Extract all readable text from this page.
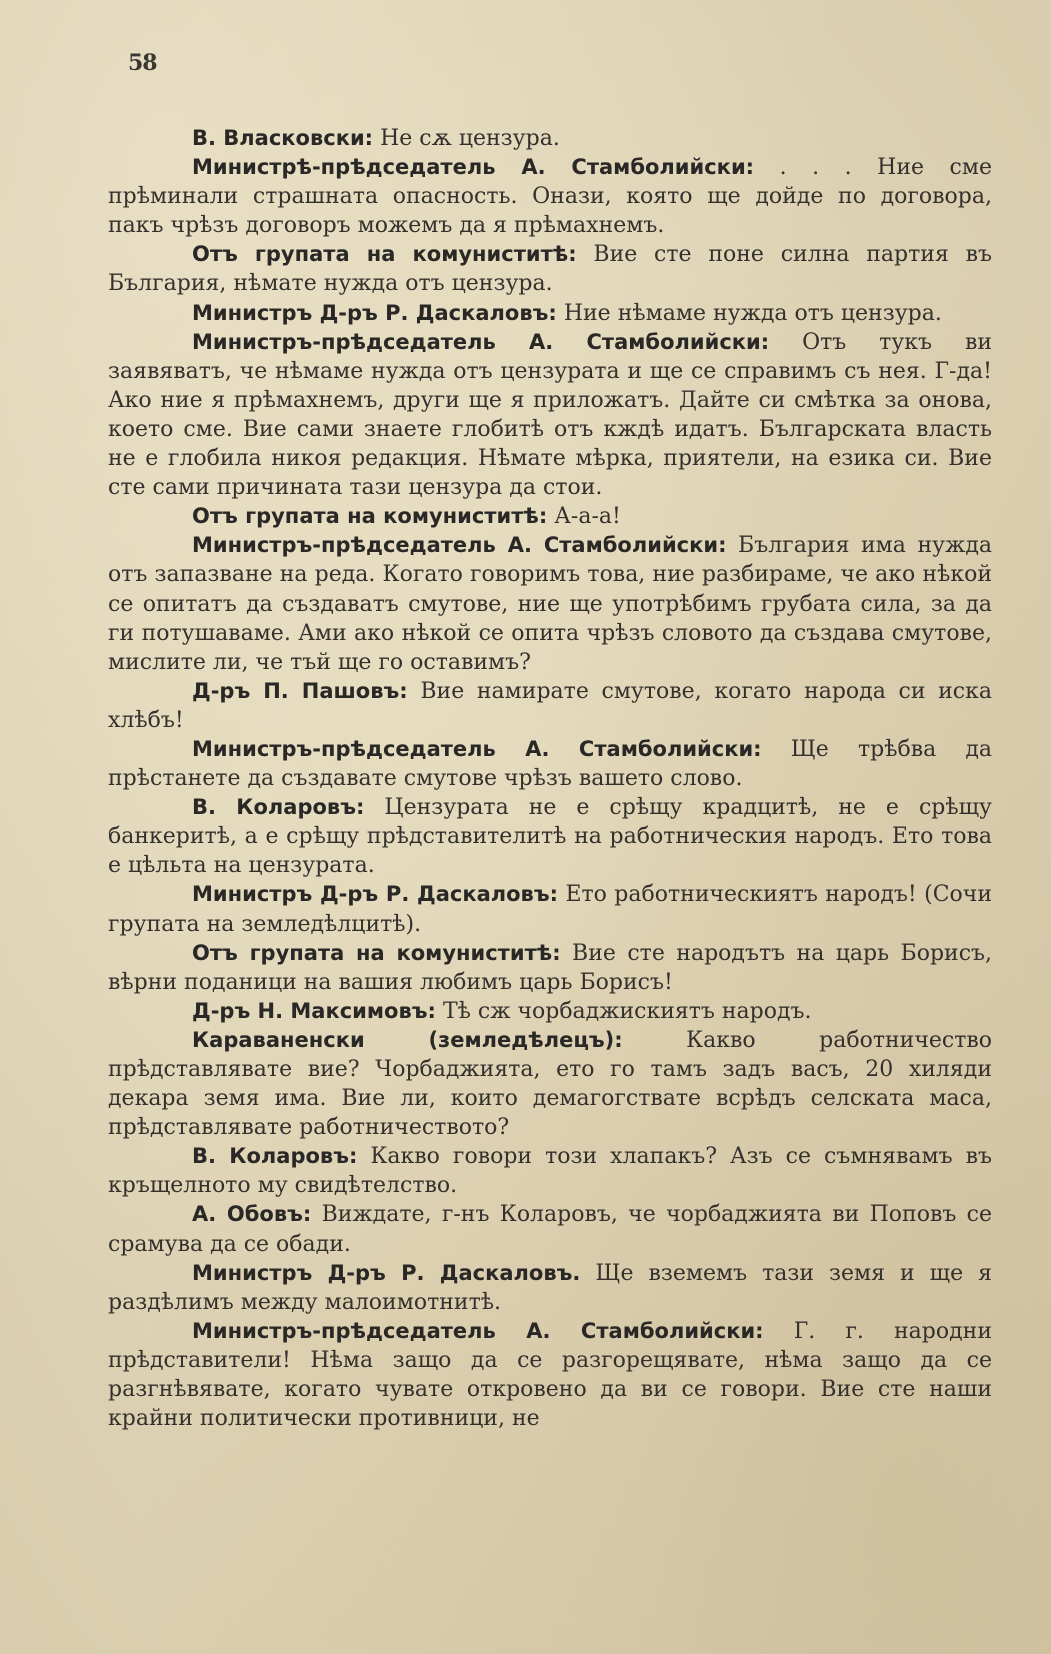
58

В. Власковски: Не сѫ цензура.

Министрѣ-прѣдседатель А. Стамболийски: . . . Ние сме прѣминали страшната опасность. Онази, която ще дойде по договора, пакъ чрѣзъ договоръ можемъ да я прѣмахнемъ.

Отъ групата на комуниститѣ: Вие сте поне силна партия въ България, нѣмате нужда отъ цензура.

Министръ Д-ръ Р. Даскаловъ: Ние нѣмаме нужда отъ цензура.

Министръ-прѣдседатель А. Стамболийски: Отъ тукъ ви заявяватъ, че нѣмаме нужда отъ цензурата и ще се справимъ съ нея. Г-да! Ако ние я прѣмахнемъ, други ще я приложатъ. Дайте си смѣтка за онова, което сме. Вие сами знаете глобитѣ отъ кждѣ идатъ. Българската власть не е глобила никоя редакция. Нѣмате мѣрка, приятели, на езика си. Вие сте сами причината тази цензура да стои.

Отъ групата на комуниститѣ: А-а-а!

Министръ-прѣдседатель А. Стамболийски: България има нужда отъ запазване на реда. Когато говоримъ това, ние разбираме, че ако нѣкой се опитатъ да създаватъ смутове, ние ще употрѣбимъ грубата сила, за да ги потушаваме. Ами ако нѣкой се опита чрѣзъ словото да създава смутове, мислите ли, че тъй ще го оставимъ?

Д-ръ П. Пашовъ: Вие намирате смутове, когато народа си иска хлѣбъ!

Министръ-прѣдседатель А. Стамболийски: Ще трѣбва да прѣстанете да създавате смутове чрѣзъ вашето слово.

В. Коларовъ: Цензурата не е срѣщу крадцитѣ, не е срѣщу банкеритѣ, а е срѣщу прѣдставителитѣ на работническия народъ. Ето това е цѣльта на цензурата.

Министръ Д-ръ Р. Даскаловъ: Ето работническиятъ народъ! (Сочи групата на земледѣлцитѣ).

Отъ групата на комуниститѣ: Вие сте народътъ на царь Борисъ, вѣрни поданици на вашия любимъ царь Борисъ!

Д-ръ Н. Максимовъ: Тѣ сж чорбаджискиятъ народъ.

Караваненски (земледѣлецъ):	Какво работничество прѣдставлявате вие? Чорбаджията, ето го тамъ задъ васъ, 20 хиляди декара земя има. Вие ли, които демагогствате всрѣдъ селската маса, прѣдставлявате работничеството?

В. Коларовъ: Какво говори този хлапакъ? Азъ се съмнявамъ въ кръщелното му свидѣтелство.

А. Обовъ: Виждате, г-нъ Коларовъ, че чорбаджията ви Поповъ се срамува да се обади.

Министръ Д-ръ Р. Даскаловъ. Ще вземемъ тази земя и ще я раздѣлимъ между малоимотнитѣ.

Министръ-прѣдседатель А. Стамболийски: Г. г. народни прѣдставители! Нѣма защо да се разгорещявате, нѣма защо да се разгнѣвявате, когато чувате откровено да ви се говори. Вие сте наши крайни политически противници, не
